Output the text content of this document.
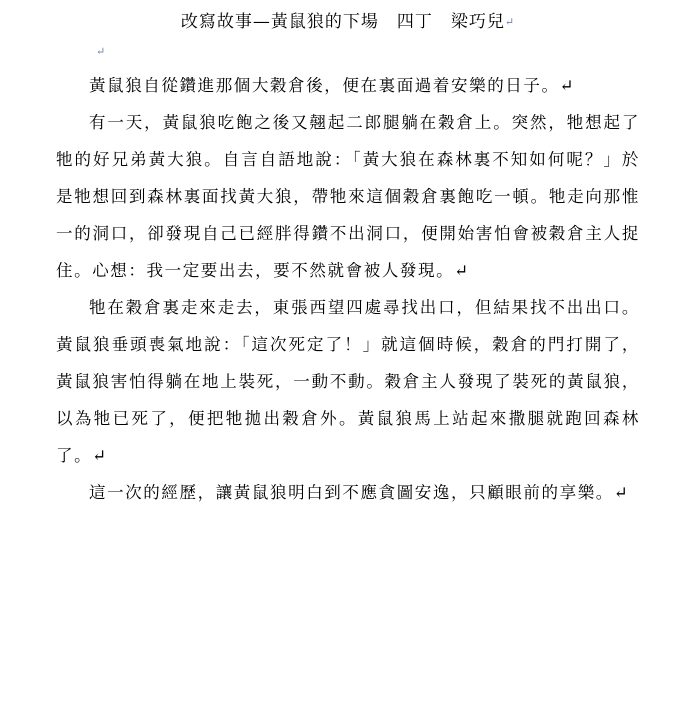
改寫故事—黃鼠狼的下場　四丁　梁巧兒↵
↵

黃鼠狼自從鑽進那個大穀倉後，便在裏面過着安樂的日子。↵

有一天，黃鼠狼吃飽之後又翹起二郎腿躺在穀倉上。突然，牠想起了牠的好兄弟黃大狼。自言自語地說：「黃大狼在森林裏不知如何呢？」於是牠想回到森林裏面找黃大狼，帶牠來這個穀倉裏飽吃一頓。牠走向那惟一的洞口，卻發現自己已經胖得鑽不出洞口，便開始害怕會被穀倉主人捉住。心想：我一定要出去，要不然就會被人發現。↵

牠在穀倉裏走來走去，東張西望四處尋找出口，但結果找不出出口。黃鼠狼垂頭喪氣地說：「這次死定了！」就這個時候，穀倉的門打開了，黃鼠狼害怕得躺在地上裝死，一動不動。穀倉主人發現了裝死的黃鼠狼，以為牠已死了，便把牠拋出穀倉外。黃鼠狼馬上站起來撒腿就跑回森林了。↵

這一次的經歷，讓黃鼠狼明白到不應貪圖安逸，只顧眼前的享樂。↵
